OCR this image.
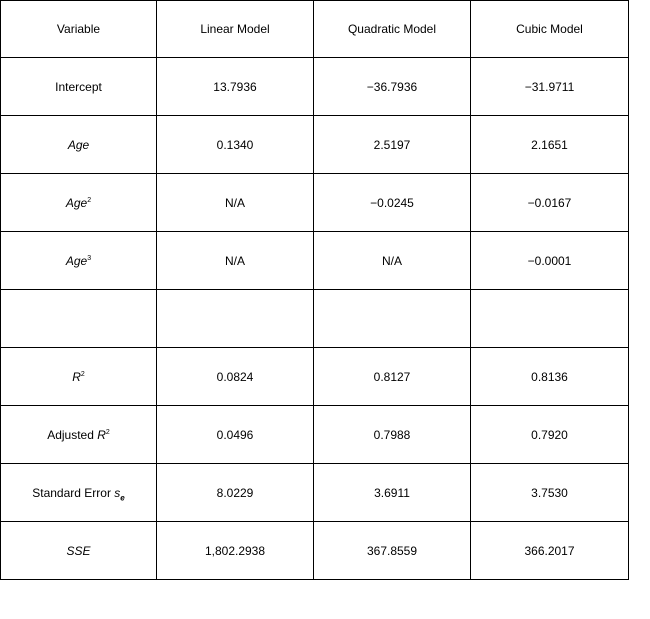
Variable	Linear Model	Quadratic Model	Cubic Model
Intercept	13.7936	−36.7936	−31.9711
Age	0.1340	2.5197	2.1651
Age$^2$	N/A	−0.0245	−0.0167
Age$^3$	N/A	N/A	−0.0001

$R^2$	0.0824	0.8127	0.8136
Adjusted $R^2$	0.0496	0.7988	0.7920
Standard Error $s_e$	8.0229	3.6911	3.7530
SSE	1,802.2938	367.8559	366.2017
